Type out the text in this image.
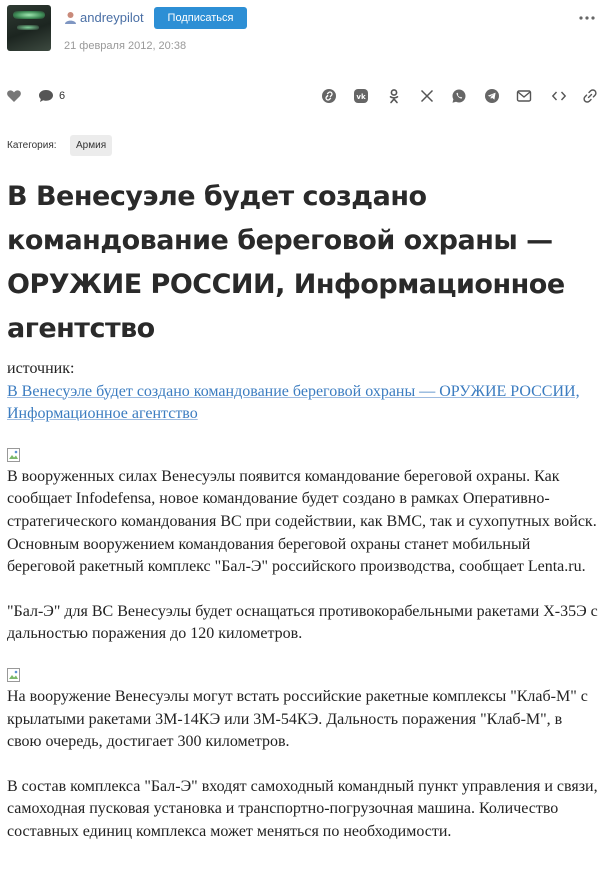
andreypilot	Подписаться
21 февраля 2012, 20:38
6	vk
Категория:	Армия
В Венесуэле будет создано командование береговой охраны — ОРУЖИЕ РОССИИ, Информационное агентство
источник:
В Венесуэле будет создано командование береговой охраны — ОРУЖИЕ РОССИИ, Информационное агентство
В вооруженных силах Венесуэлы появится командование береговой охраны. Как сообщает Infodefensa, новое командование будет создано в рамках Оперативно-стратегического командования ВС при содействии, как ВМС, так и сухопутных войск. Основным вооружением командования береговой охраны станет мобильный береговой ракетный комплекс "Бал-Э" российского производства, сообщает Lenta.ru.
"Бал-Э" для ВС Венесуэлы будет оснащаться противокорабельными ракетами Х-35Э с дальностью поражения до 120 километров.
На вооружение Венесуэлы могут встать российские ракетные комплексы "Клаб-М" с крылатыми ракетами 3М-14КЭ или 3М-54КЭ. Дальность поражения "Клаб-М", в свою очередь, достигает 300 километров.
В состав комплекса "Бал-Э" входят самоходный командный пункт управления и связи, самоходная пусковая установка и транспортно-погрузочная машина. Количество составных единиц комплекса может меняться по необходимости.
